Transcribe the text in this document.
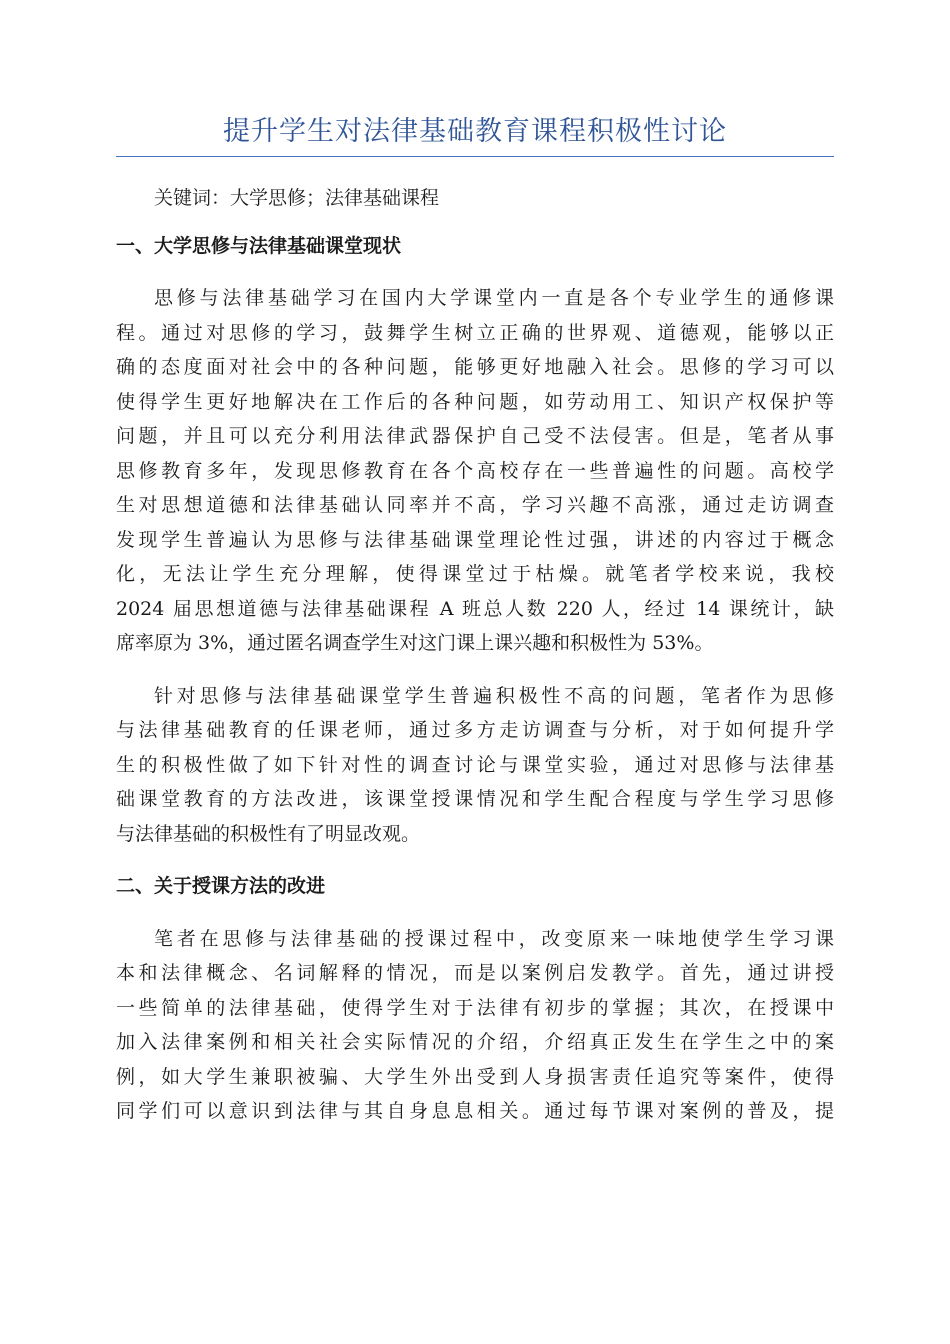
提升学生对法律基础教育课程积极性讨论

关键词：大学思修；法律基础课程

一、大学思修与法律基础课堂现状
思修与法律基础学习在国内大学课堂内一直是各个专业学生的通修课
程。通过对思修的学习，鼓舞学生树立正确的世界观、道德观，能够以正
确的态度面对社会中的各种问题，能够更好地融入社会。思修的学习可以
使得学生更好地解决在工作后的各种问题，如劳动用工、知识产权保护等
问题，并且可以充分利用法律武器保护自己受不法侵害。但是，笔者从事
思修教育多年，发现思修教育在各个高校存在一些普遍性的问题。高校学
生对思想道德和法律基础认同率并不高，学习兴趣不高涨，通过走访调查
发现学生普遍认为思修与法律基础课堂理论性过强，讲述的内容过于概念
化，无法让学生充分理解，使得课堂过于枯燥。就笔者学校来说，我校
2024 届思想道德与法律基础课程 A 班总人数 220 人，经过 14 课统计，缺
席率原为 3%，通过匿名调查学生对这门课上课兴趣和积极性为 53%。
针对思修与法律基础课堂学生普遍积极性不高的问题，笔者作为思修
与法律基础教育的任课老师，通过多方走访调查与分析，对于如何提升学
生的积极性做了如下针对性的调查讨论与课堂实验，通过对思修与法律基
础课堂教育的方法改进，该课堂授课情况和学生配合程度与学生学习思修
与法律基础的积极性有了明显改观。
二、关于授课方法的改进
笔者在思修与法律基础的授课过程中，改变原来一味地使学生学习课
本和法律概念、名词解释的情况，而是以案例启发教学。首先，通过讲授
一些简单的法律基础，使得学生对于法律有初步的掌握；其次，在授课中
加入法律案例和相关社会实际情况的介绍，介绍真正发生在学生之中的案
例，如大学生兼职被骗、大学生外出受到人身损害责任追究等案件，使得
同学们可以意识到法律与其自身息息相关。通过每节课对案例的普及，提
